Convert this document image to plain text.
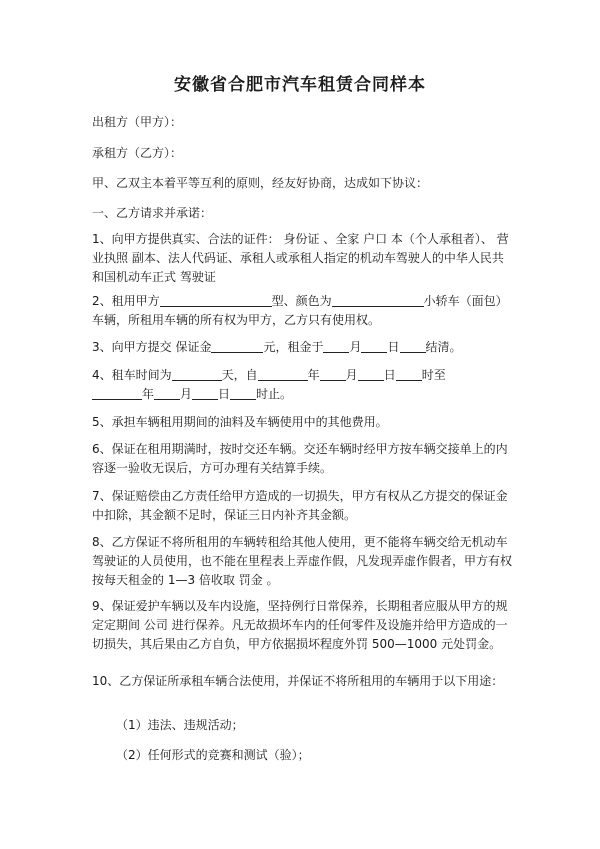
安徽省合肥市汽车租赁合同样本
出租方（甲方）：
承租方（乙方）：
甲、乙双主本着平等互利的原则，经友好协商，达成如下协议：
一、乙方请求并承诺：
1、向甲方提供真实、合法的证件： 身份证 、全家 户口 本（个人承租者）、 营业执照 副本、法人代码证、承租人或承租人指定的机动车驾驶人的中华人民共和国机动车正式 驾驶证
2、租用甲方	型、颜色为	小轿车（面包）
车辆，所租用车辆的所有权为甲方，乙方只有使用权。
3、向甲方提交 保证金	元，租金于 月 日 结清。
4、租车时间为	天，自	年 月 日 时至
年 月 日 时止。
5、承担车辆租用期间的油料及车辆使用中的其他费用。
6、保证在租用期满时，按时交还车辆。交还车辆时经甲方按车辆交接单上的内容逐一验收无误后，方可办理有关结算手续。
7、保证赔偿由乙方责任给甲方造成的一切损失，甲方有权从乙方提交的保证金中扣除，其金额不足时，保证三日内补齐其金额。
8、乙方保证不将所租用的车辆转租给其他人使用，更不能将车辆交给无机动车驾驶证的人员使用，也不能在里程表上弄虚作假，凡发现弄虚作假者，甲方有权按每天租金的 1—3 倍收取 罚金 。
9、保证爱护车辆以及车内设施，坚持例行日常保养，长期租者应服从甲方的规定定期间 公司 进行保养。凡无故损坏车内的任何零件及设施并给甲方造成的一切损失，其后果由乙方自负，甲方依据损坏程度外罚 500—1000 元处罚金。
10、乙方保证所承租车辆合法使用，并保证不将所租用的车辆用于以下用途：
（1）违法、违规活动；
（2）任何形式的竞赛和测试（验）；
